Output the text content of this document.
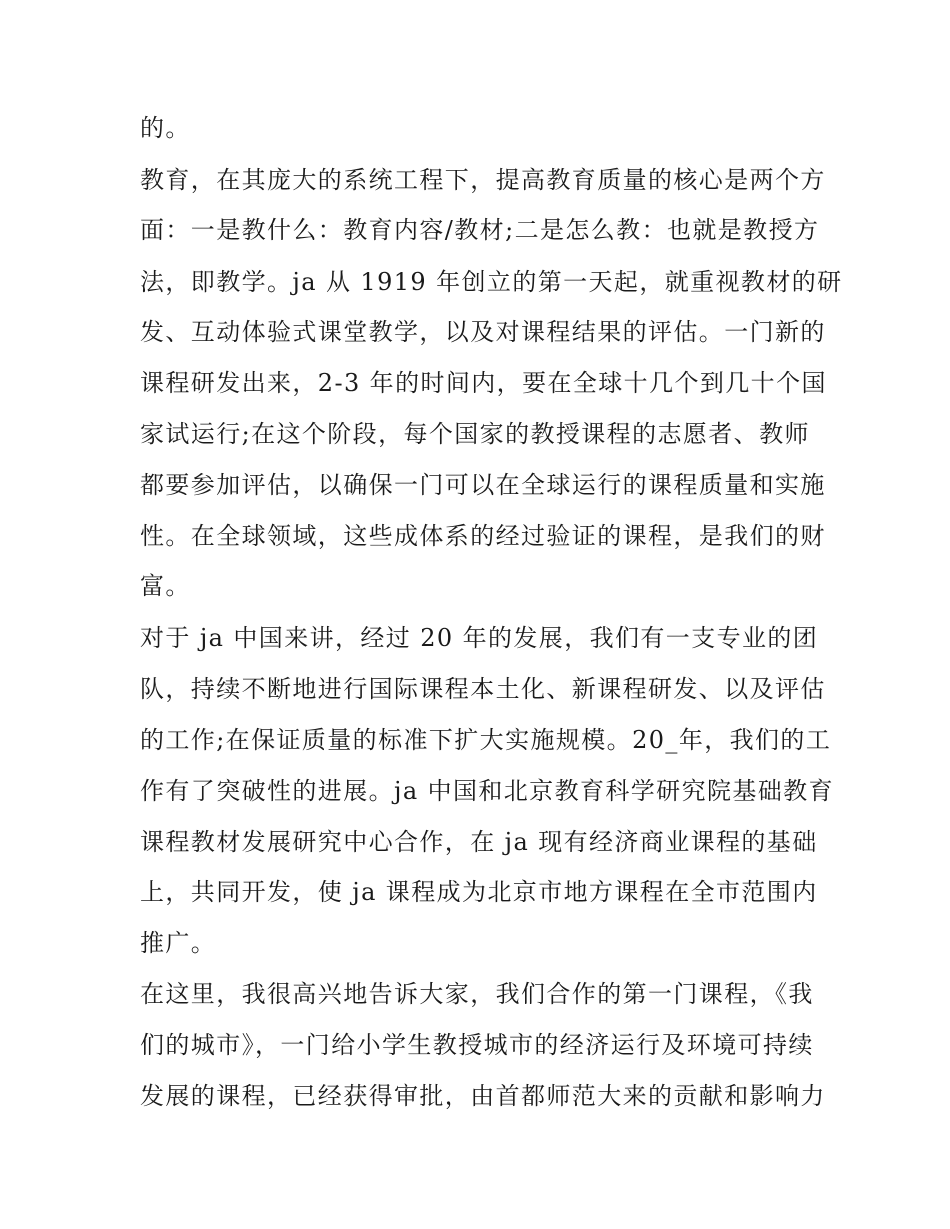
的。
教育，在其庞大的系统工程下，提高教育质量的核心是两个方
面：一是教什么：教育内容/教材;二是怎么教：也就是教授方
法，即教学。ja 从 1919 年创立的第一天起，就重视教材的研
发、互动体验式课堂教学，以及对课程结果的评估。一门新的
课程研发出来，2-3 年的时间内，要在全球十几个到几十个国
家试运行;在这个阶段，每个国家的教授课程的志愿者、教师
都要参加评估，以确保一门可以在全球运行的课程质量和实施
性。在全球领域，这些成体系的经过验证的课程，是我们的财
富。
对于 ja 中国来讲，经过 20 年的发展，我们有一支专业的团
队，持续不断地进行国际课程本土化、新课程研发、以及评估
的工作;在保证质量的标准下扩大实施规模。20_年，我们的工
作有了突破性的进展。ja 中国和北京教育科学研究院基础教育
课程教材发展研究中心合作，在 ja 现有经济商业课程的基础
上，共同开发，使 ja 课程成为北京市地方课程在全市范围内
推广。
在这里，我很高兴地告诉大家，我们合作的第一门课程，《我
们的城市》，一门给小学生教授城市的经济运行及环境可持续
发展的课程，已经获得审批，由首都师范大来的贡献和影响力
